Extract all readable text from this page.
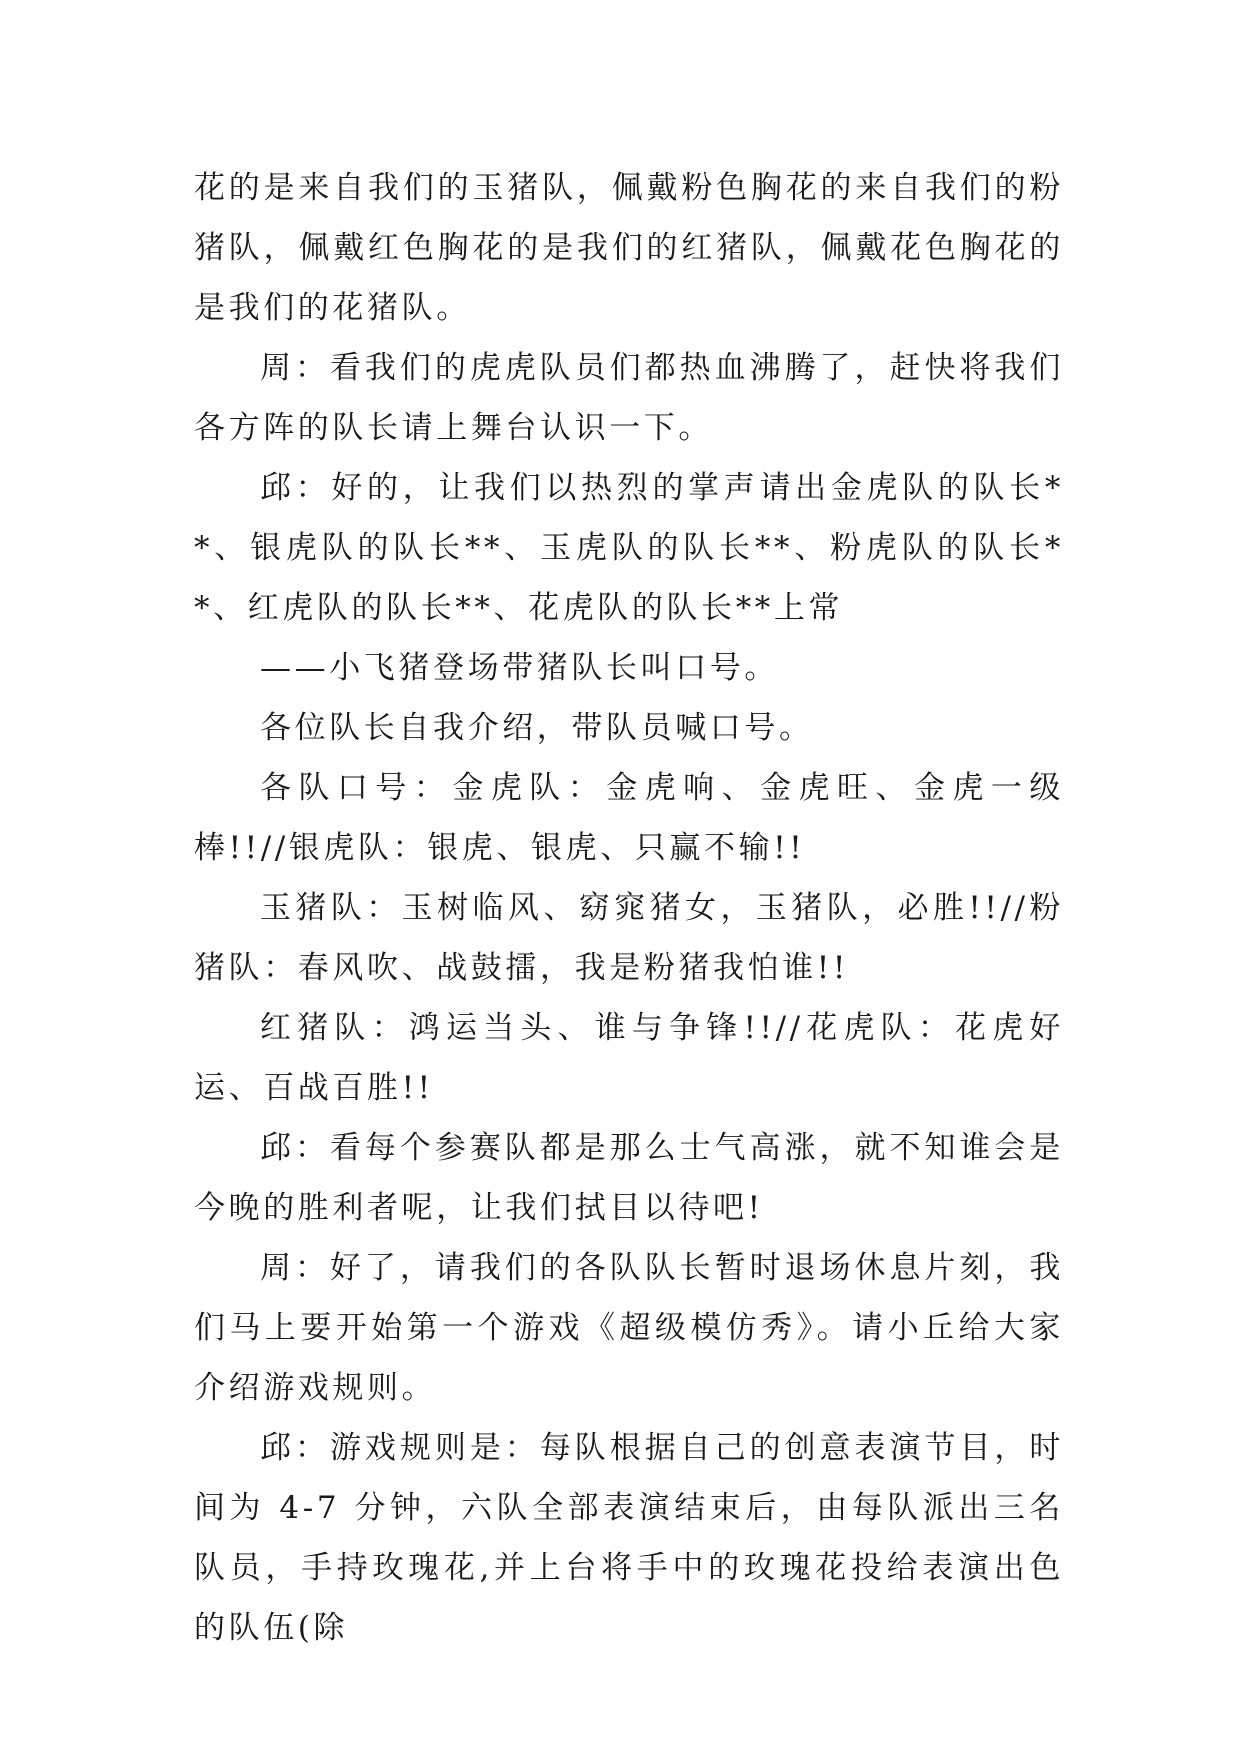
花的是来自我们的玉猪队，佩戴粉色胸花的来自我们的粉猪队，佩戴红色胸花的是我们的红猪队，佩戴花色胸花的是我们的花猪队。

周：看我们的虎虎队员们都热血沸腾了，赶快将我们各方阵的队长请上舞台认识一下。

邱：好的，让我们以热烈的掌声请出金虎队的队长**、银虎队的队长**、玉虎队的队长**、粉虎队的队长**、红虎队的队长**、花虎队的队长**上常

——小飞猪登场带猪队长叫口号。

各位队长自我介绍，带队员喊口号。

各队口号：金虎队：金虎响、金虎旺、金虎一级棒!!//银虎队：银虎、银虎、只赢不输!!

玉猪队：玉树临风、窈窕猪女，玉猪队，必胜!!//粉猪队：春风吹、战鼓擂，我是粉猪我怕谁!!

红猪队：鸿运当头、谁与争锋!!//花虎队：花虎好运、百战百胜!!

邱：看每个参赛队都是那么士气高涨，就不知谁会是今晚的胜利者呢，让我们拭目以待吧!

周：好了，请我们的各队队长暂时退场休息片刻，我们马上要开始第一个游戏《超级模仿秀》。请小丘给大家介绍游戏规则。

邱：游戏规则是：每队根据自己的创意表演节目，时间为 4-7 分钟，六队全部表演结束后，由每队派出三名队员，手持玫瑰花,并上台将手中的玫瑰花投给表演出色的队伍(除
